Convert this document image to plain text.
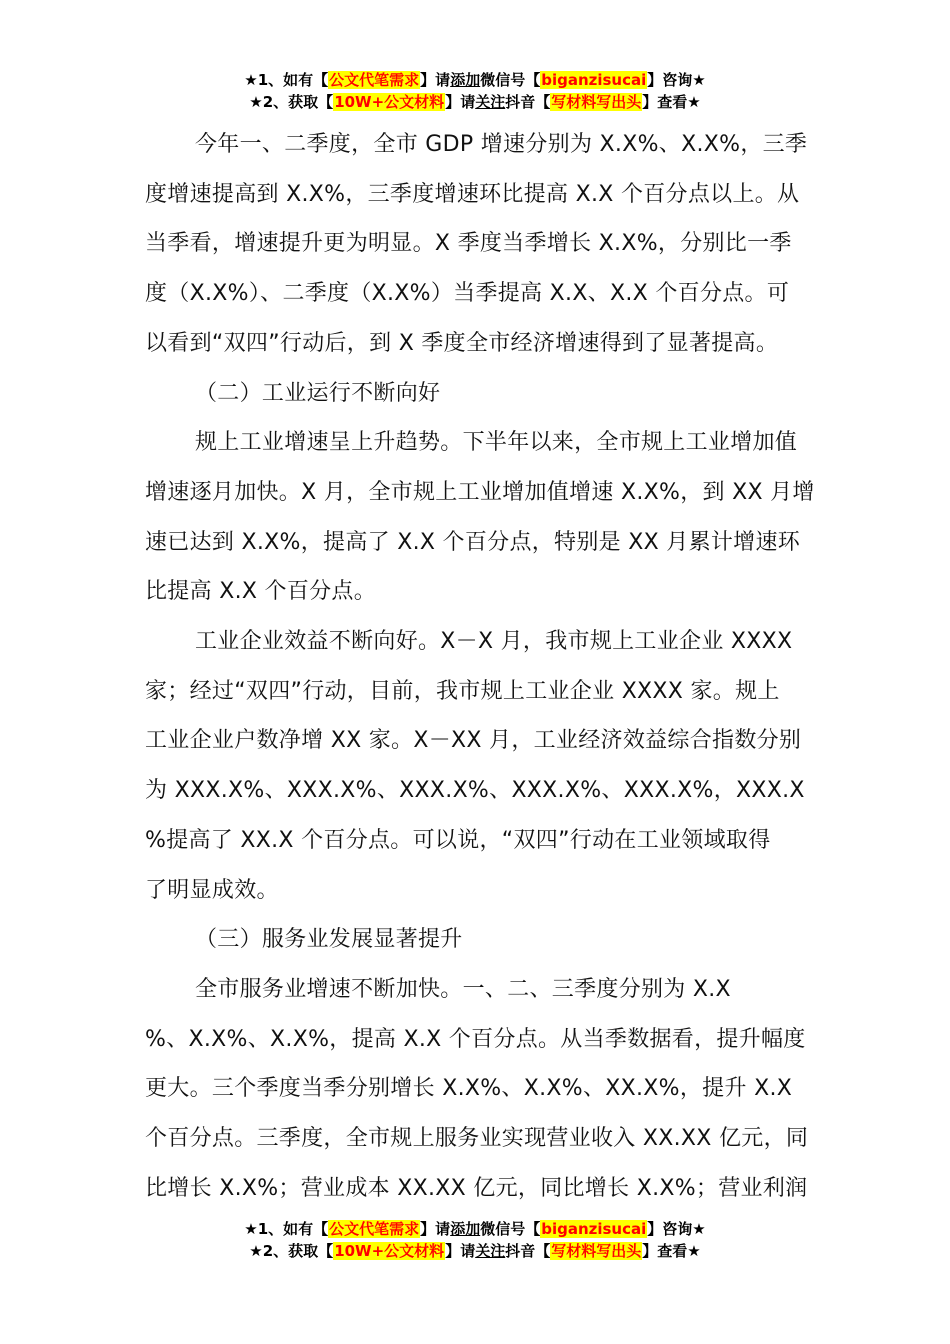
★1、如有【公文代笔需求】请添加微信号【biganzisucai】咨询★
★2、获取【10W+公文材料】请关注抖音【写材料写出头】查看★

今年一、二季度，全市 GDP 增速分别为 X.X%、X.X%，三季
度增速提高到 X.X%，三季度增速环比提高 X.X 个百分点以上。从
当季看，增速提升更为明显。X 季度当季增长 X.X%，分别比一季
度（X.X%）、二季度（X.X%）当季提高 X.X、X.X 个百分点。可
以看到“双四”行动后，到 X 季度全市经济增速得到了显著提高。

（二）工业运行不断向好

规上工业增速呈上升趋势。下半年以来，全市规上工业增加值
增速逐月加快。X 月，全市规上工业增加值增速 X.X%，到 XX 月增
速已达到 X.X%，提高了 X.X 个百分点，特别是 XX 月累计增速环
比提高 X.X 个百分点。

工业企业效益不断向好。X－X 月，我市规上工业企业 XXXX
家；经过“双四”行动，目前，我市规上工业企业 XXXX 家。规上
工业企业户数净增 XX 家。X－XX 月，工业经济效益综合指数分别
为 XXX.X%、XXX.X%、XXX.X%、XXX.X%、XXX.X%，XXX.X
%提高了 XX.X 个百分点。可以说，“双四”行动在工业领域取得
了明显成效。

（三）服务业发展显著提升

全市服务业增速不断加快。一、二、三季度分别为 X.X
%、X.X%、X.X%，提高 X.X 个百分点。从当季数据看，提升幅度
更大。三个季度当季分别增长 X.X%、X.X%、XX.X%，提升 X.X
个百分点。三季度，全市规上服务业实现营业收入 XX.XX 亿元，同
比增长 X.X%；营业成本 XX.XX 亿元，同比增长 X.X%；营业利润

★1、如有【公文代笔需求】请添加微信号【biganzisucai】咨询★
★2、获取【10W+公文材料】请关注抖音【写材料写出头】查看★
